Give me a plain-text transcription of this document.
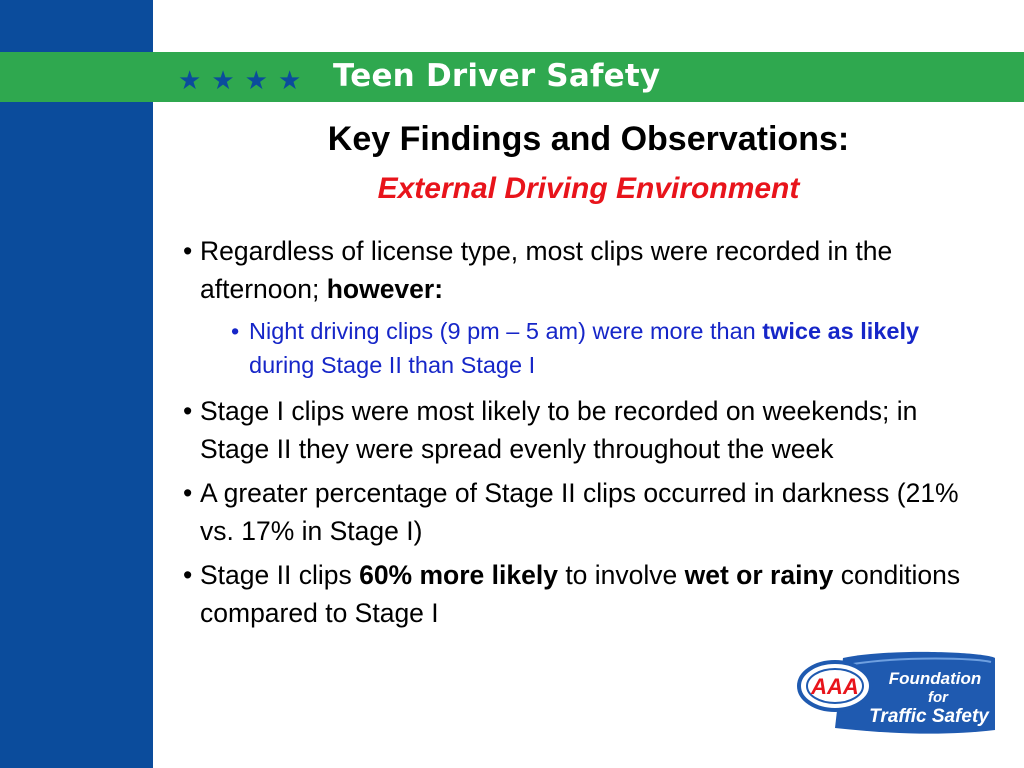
★ ★ ★ ★ Teen Driver Safety
Key Findings and Observations:
External Driving Environment
• Regardless of license type, most clips were recorded in the afternoon; however:
• Night driving clips (9 pm – 5 am) were more than twice as likely during Stage II than Stage I
• Stage I clips were most likely to be recorded on weekends; in Stage II they were spread evenly throughout the week
• A greater percentage of Stage II clips occurred in darkness (21% vs. 17% in Stage I)
• Stage II clips 60% more likely to involve wet or rainy conditions compared to Stage I
AAA Foundation
for
Traffic Safety
